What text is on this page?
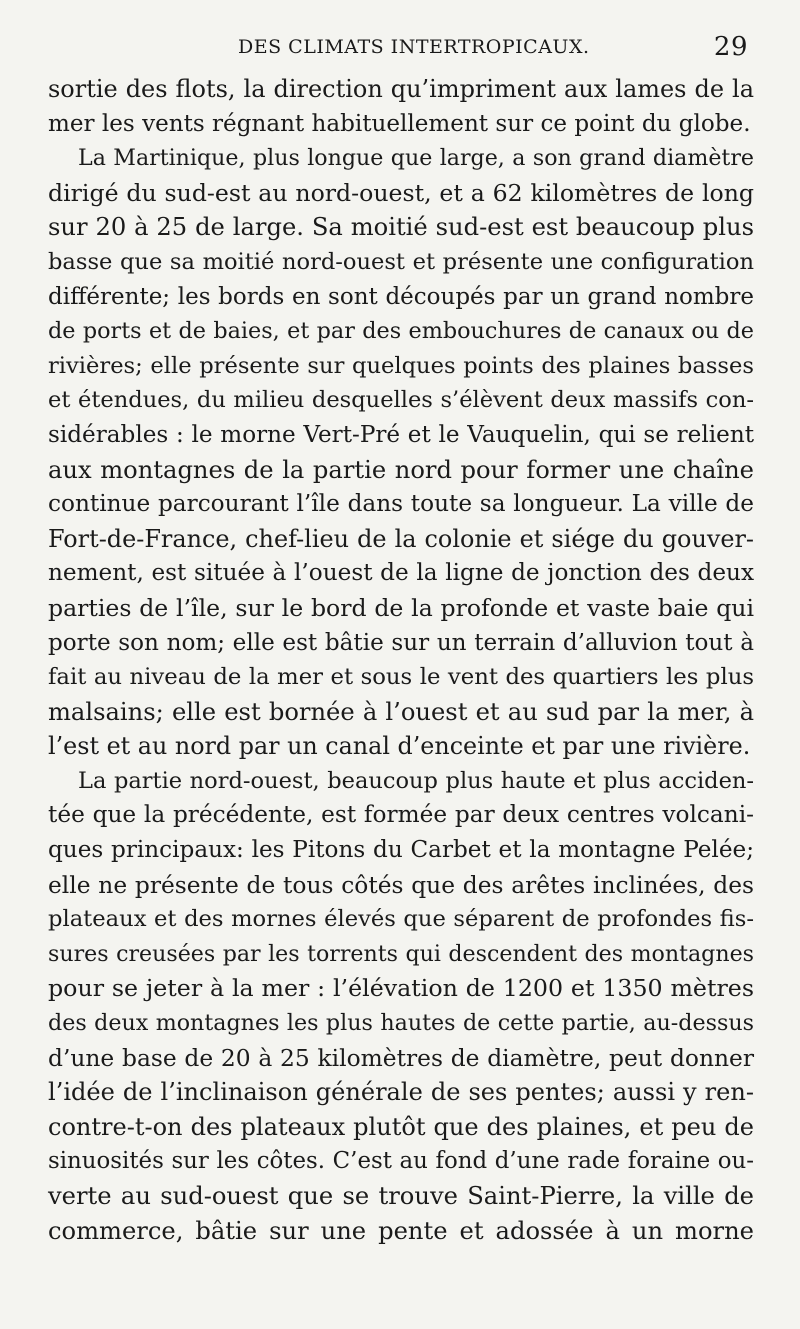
DES CLIMATS INTERTROPICAUX.	29
sortie des flots, la direction qu’impriment aux lames de la
mer les vents régnant habituellement sur ce point du globe.
La Martinique, plus longue que large, a son grand diamètre
dirigé du sud-est au nord-ouest, et a 62 kilomètres de long
sur 20 à 25 de large. Sa moitié sud-est est beaucoup plus
basse que sa moitié nord-ouest et présente une configuration
différente; les bords en sont découpés par un grand nombre
de ports et de baies, et par des embouchures de canaux ou de
rivières; elle présente sur quelques points des plaines basses
et étendues, du milieu desquelles s’élèvent deux massifs con-
sidérables : le morne Vert-Pré et le Vauquelin, qui se relient
aux montagnes de la partie nord pour former une chaîne
continue parcourant l’île dans toute sa longueur. La ville de
Fort-de-France, chef-lieu de la colonie et siége du gouver-
nement, est située à l’ouest de la ligne de jonction des deux
parties de l’île, sur le bord de la profonde et vaste baie qui
porte son nom; elle est bâtie sur un terrain d’alluvion tout à
fait au niveau de la mer et sous le vent des quartiers les plus
malsains; elle est bornée à l’ouest et au sud par la mer, à
l’est et au nord par un canal d’enceinte et par une rivière.
La partie nord-ouest, beaucoup plus haute et plus acciden-
tée que la précédente, est formée par deux centres volcani-
ques principaux: les Pitons du Carbet et la montagne Pelée;
elle ne présente de tous côtés que des arêtes inclinées, des
plateaux et des mornes élevés que séparent de profondes fis-
sures creusées par les torrents qui descendent des montagnes
pour se jeter à la mer : l’élévation de 1200 et 1350 mètres
des deux montagnes les plus hautes de cette partie, au-dessus
d’une base de 20 à 25 kilomètres de diamètre, peut donner
l’idée de l’inclinaison générale de ses pentes; aussi y ren-
contre-t-on des plateaux plutôt que des plaines, et peu de
sinuosités sur les côtes. C’est au fond d’une rade foraine ou-
verte au sud-ouest que se trouve Saint-Pierre, la ville de
commerce, bâtie sur une pente et adossée à un morne
